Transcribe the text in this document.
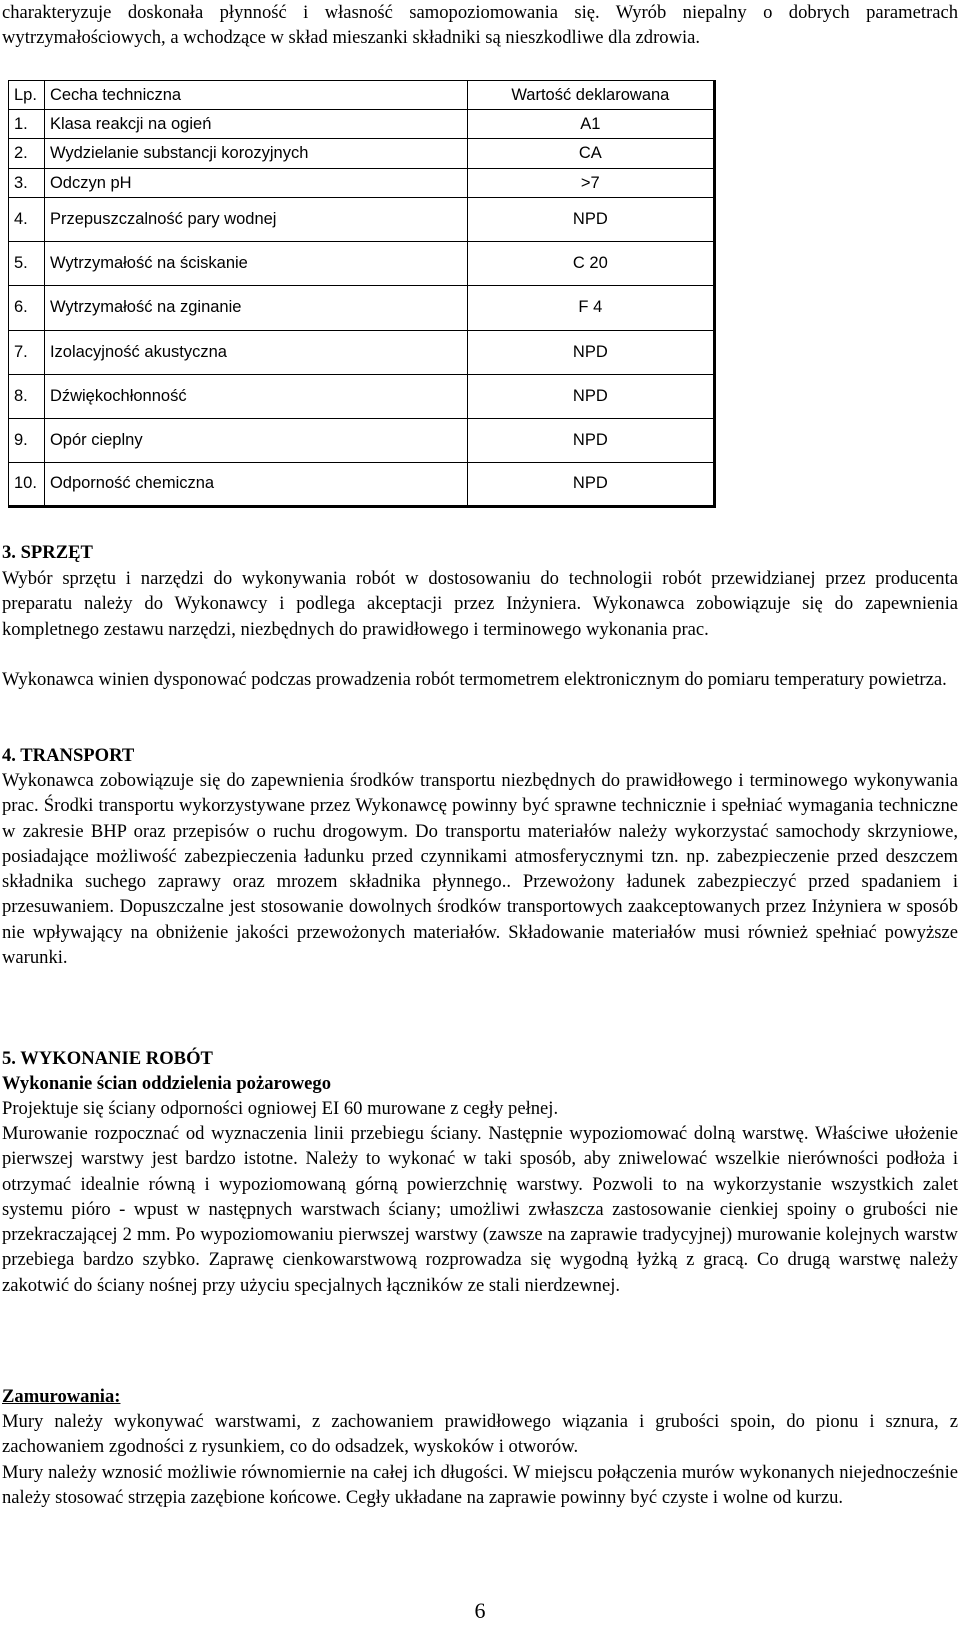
charakteryzuje doskonała płynność i własność samopoziomowania się. Wyrób niepalny o dobrych parametrach wytrzymałościowych, a wchodzące w skład mieszanki składniki są nieszkodliwe dla zdrowia.

Lp.	Cecha techniczna	Wartość deklarowana
1.	Klasa reakcji na ogień	A1
2.	Wydzielanie substancji korozyjnych	CA
3.	Odczyn pH	>7
4.	Przepuszczalność pary wodnej	NPD
5.	Wytrzymałość na ściskanie	C 20
6.	Wytrzymałość na zginanie	F 4
7.	Izolacyjność akustyczna	NPD
8.	Dźwiękochłonność	NPD
9.	Opór cieplny	NPD
10.	Odporność chemiczna	NPD
3. SPRZĘT

Wybór sprzętu i narzędzi do wykonywania robót w dostosowaniu do technologii robót przewidzianej przez producenta preparatu należy do Wykonawcy i podlega akceptacji przez Inżyniera. Wykonawca zobowiązuje się do zapewnienia kompletnego zestawu narzędzi, niezbędnych do prawidłowego i terminowego wykonania prac.

Wykonawca winien dysponować podczas prowadzenia robót termometrem elektronicznym do pomiaru temperatury powietrza.

4. TRANSPORT

Wykonawca zobowiązuje się do zapewnienia środków transportu niezbędnych do prawidłowego i terminowego wykonywania prac. Środki transportu wykorzystywane przez Wykonawcę powinny być sprawne technicznie i spełniać wymagania techniczne w zakresie BHP oraz przepisów o ruchu drogowym. Do transportu materiałów należy wykorzystać samochody skrzyniowe, posiadające możliwość zabezpieczenia ładunku przed czynnikami atmosferycznymi tzn. np. zabezpieczenie przed deszczem składnika suchego zaprawy oraz mrozem składnika płynnego.. Przewożony ładunek zabezpieczyć przed spadaniem i przesuwaniem. Dopuszczalne jest stosowanie dowolnych środków transportowych zaakceptowanych przez Inżyniera w sposób nie wpływający na obniżenie jakości przewożonych materiałów. Składowanie materiałów musi również spełniać powyższe warunki.

5. WYKONANIE ROBÓT
Wykonanie ścian oddzielenia pożarowego

Projektuje się ściany odporności ogniowej EI 60 murowane z cegły pełnej.

Murowanie rozpocznać od wyznaczenia linii przebiegu ściany. Następnie wypoziomować dolną warstwę. Właściwe ułożenie pierwszej warstwy jest bardzo istotne. Należy to wykonać w taki sposób, aby zniwelować wszelkie nierówności podłoża i otrzymać idealnie równą i wypoziomowaną górną powierzchnię warstwy. Pozwoli to na wykorzystanie wszystkich zalet systemu pióro - wpust w następnych warstwach ściany; umożliwi zwłaszcza zastosowanie cienkiej spoiny o grubości nie przekraczającej 2 mm. Po wypoziomowaniu pierwszej warstwy (zawsze na zaprawie tradycyjnej) murowanie kolejnych warstw przebiega bardzo szybko. Zaprawę cienkowarstwową rozprowadza się wygodną łyżką z gracą. Co drugą warstwę należy zakotwić do ściany nośnej przy użyciu specjalnych łączników ze stali nierdzewnej.

Zamurowania:

Mury należy wykonywać warstwami, z zachowaniem prawidłowego wiązania i grubości spoin, do pionu i sznura, z zachowaniem zgodności z rysunkiem, co do odsadzek, wyskoków i otworów.

Mury należy wznosić możliwie równomiernie na całej ich długości. W miejscu połączenia murów wykonanych niejednocześnie należy stosować strzępia zazębione końcowe. Cegły układane na zaprawie powinny być czyste i wolne od kurzu.

6
